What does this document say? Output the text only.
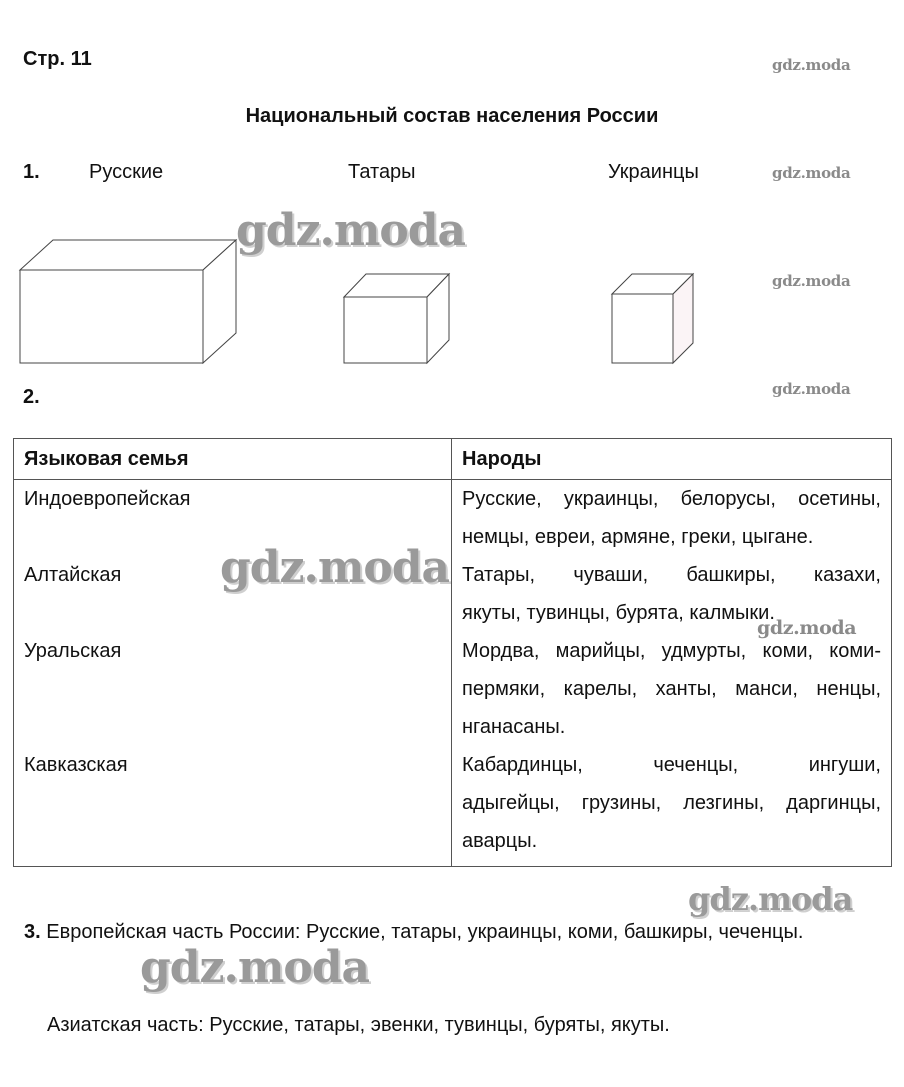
Стр. 11
Национальный состав населения России
gdz.moda
gdz.moda
gdz.moda
gdz.moda
1. Русские	Татары	Украинцы
gdz.moda
2.
Языковая семья	Народы
Индоевропейская	Русские, украинцы, белорусы, осетины,
немцы, евреи, армяне, греки, цыгане.

Алтайская	Татары, чуваши, башкиры, казахи,
якуты, тувинцы, бурята, калмыки.

Уральская	Мордва, марийцы, удмурты, коми, коми-
пермяки, карелы, ханты, манси, ненцы,
нганасаны.

Кавказская	Кабардинцы, чеченцы, ингуши,
адыгейцы, грузины, лезгины, даргинцы,
аварцы.
gdz.moda
gdz.moda
gdz.moda
3. Европейская часть России: Русские, татары, украинцы, коми, башкиры, чеченцы.
gdz.moda
Азиатская часть: Русские, татары, эвенки, тувинцы, буряты, якуты.
